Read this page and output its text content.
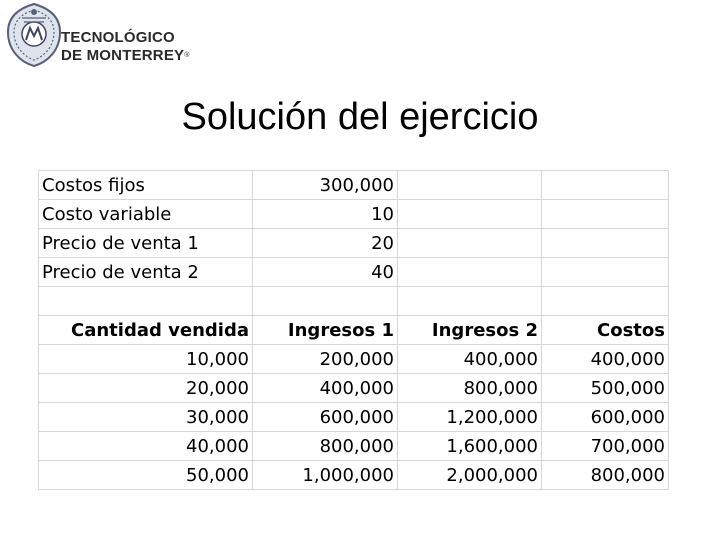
TECNOLÓGICO
DE MONTERREY®
Solución del ejercicio
Costos fijos	300,000		
Costo variable	10		
Precio de venta 1	20		
Precio de venta 2	40		

Cantidad vendida	Ingresos 1	Ingresos 2	Costos
10,000	200,000	400,000	400,000
20,000	400,000	800,000	500,000
30,000	600,000	1,200,000	600,000
40,000	800,000	1,600,000	700,000
50,000	1,000,000	2,000,000	800,000
